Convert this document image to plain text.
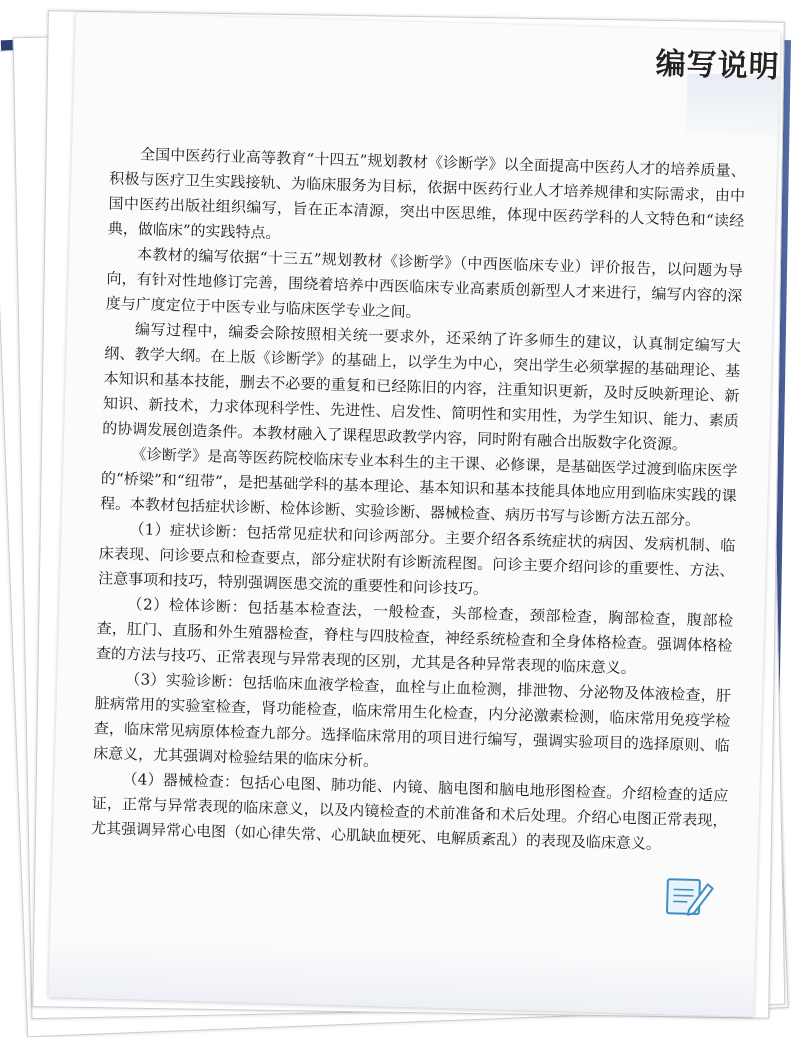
编写说明

全国中医药行业高等教育“十四五”规划教材《诊断学》以全面提高中医药人才的培养质量、积极与医疗卫生实践接轨、为临床服务为目标，依据中医药行业人才培养规律和实际需求，由中国中医药出版社组织编写，旨在正本清源，突出中医思维，体现中医药学科的人文特色和“读经典，做临床”的实践特点。

本教材的编写依据“十三五”规划教材《诊断学》（中西医临床专业）评价报告，以问题为导向，有针对性地修订完善，围绕着培养中西医临床专业高素质创新型人才来进行，编写内容的深度与广度定位于中医专业与临床医学专业之间。

编写过程中，编委会除按照相关统一要求外，还采纳了许多师生的建议，认真制定编写大纲、教学大纲。在上版《诊断学》的基础上，以学生为中心，突出学生必须掌握的基础理论、基本知识和基本技能，删去不必要的重复和已经陈旧的内容，注重知识更新，及时反映新理论、新知识、新技术，力求体现科学性、先进性、启发性、简明性和实用性，为学生知识、能力、素质的协调发展创造条件。本教材融入了课程思政教学内容，同时附有融合出版数字化资源。

《诊断学》是高等医药院校临床专业本科生的主干课、必修课，是基础医学过渡到临床医学的“桥梁”和“纽带”，是把基础学科的基本理论、基本知识和基本技能具体地应用到临床实践的课程。本教材包括症状诊断、检体诊断、实验诊断、器械检查、病历书写与诊断方法五部分。

（1）症状诊断：包括常见症状和问诊两部分。主要介绍各系统症状的病因、发病机制、临床表现、问诊要点和检查要点，部分症状附有诊断流程图。问诊主要介绍问诊的重要性、方法、注意事项和技巧，特别强调医患交流的重要性和问诊技巧。

（2）检体诊断：包括基本检查法，一般检查，头部检查，颈部检查，胸部检查，腹部检查，肛门、直肠和外生殖器检查，脊柱与四肢检查，神经系统检查和全身体格检查。强调体格检查的方法与技巧、正常表现与异常表现的区别，尤其是各种异常表现的临床意义。

（3）实验诊断：包括临床血液学检查，血栓与止血检测，排泄物、分泌物及体液检查，肝脏病常用的实验室检查，肾功能检查，临床常用生化检查，内分泌激素检测，临床常用免疫学检查，临床常见病原体检查九部分。选择临床常用的项目进行编写，强调实验项目的选择原则、临床意义，尤其强调对检验结果的临床分析。

（4）器械检查：包括心电图、肺功能、内镜、脑电图和脑电地形图检查。介绍检查的适应证，正常与异常表现的临床意义，以及内镜检查的术前准备和术后处理。介绍心电图正常表现，尤其强调异常心电图（如心律失常、心肌缺血梗死、电解质紊乱）的表现及临床意义。
